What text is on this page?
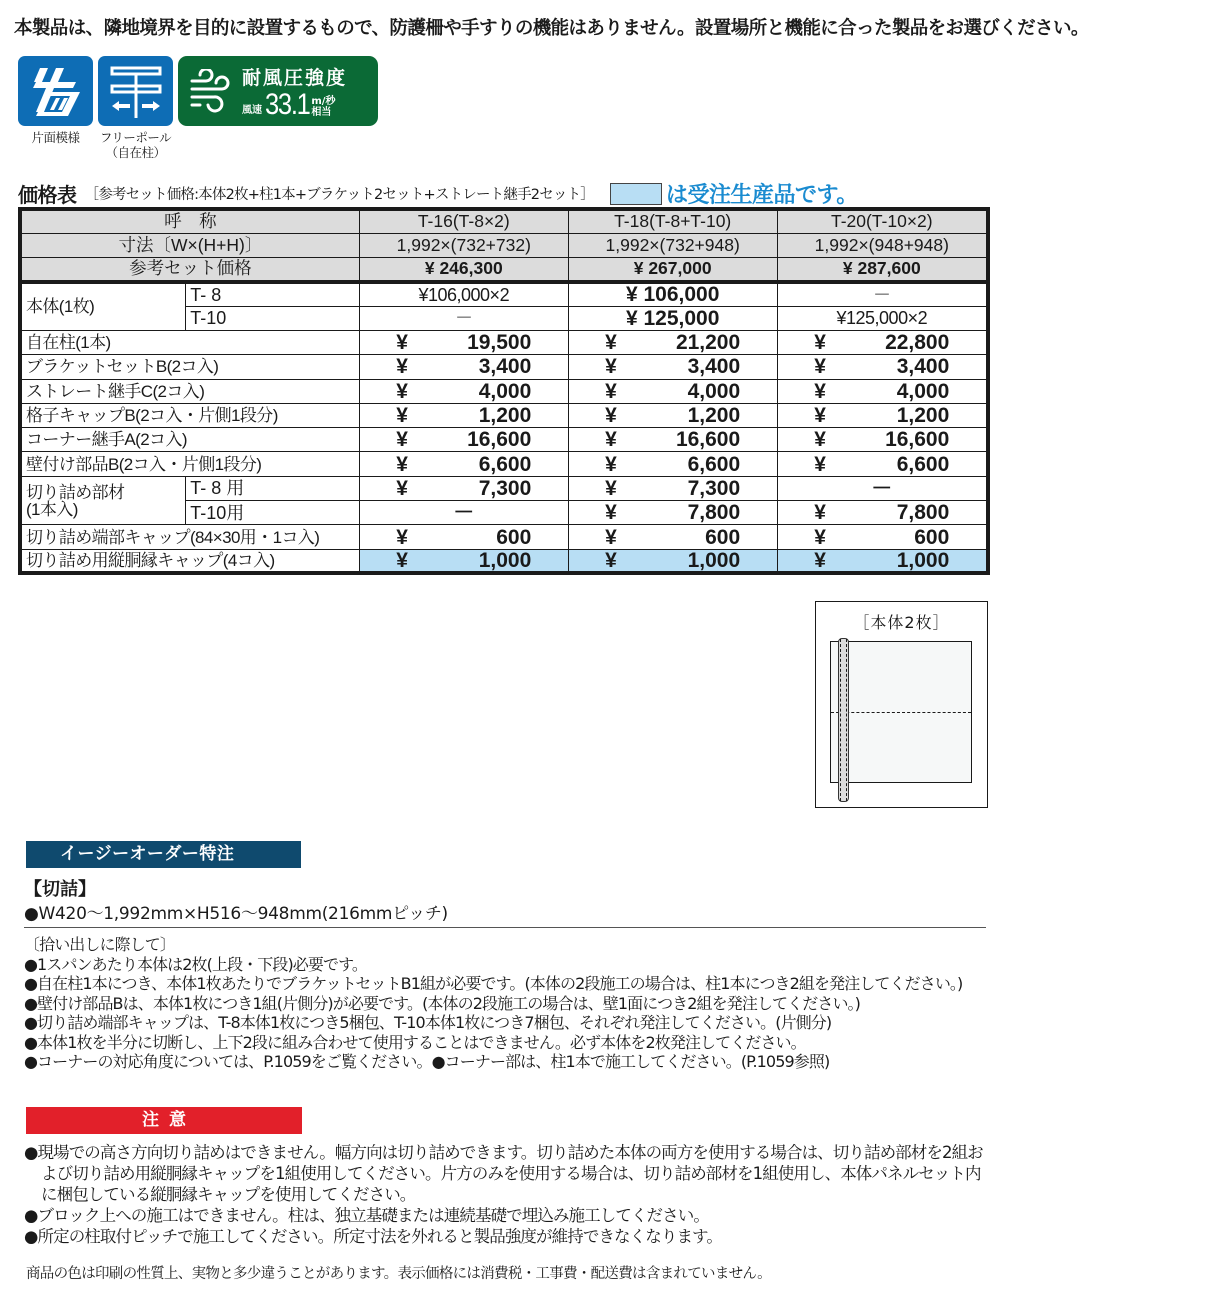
本製品は、隣地境界を目的に設置するもので、防護柵や手すりの機能はありません。設置場所と機能に合った製品をお選びください。
片面模様 フリーポール
（自在柱）
耐風圧強度
風速 33.1 m/秒
相当
価格表 ［参考セット価格:本体2枚+柱1本+ブラケット2セット+ストレート継手2セット］	は受注生産品です。
呼　称		T-16(T-8×2)	T-18(T-8+T-10)	T-20(T-10×2)
寸法〔W×(H+H)〕		1,992×(732+732)	1,992×(732+948)	1,992×(948+948)
参考セット価格		¥ 246,300	¥ 267,000	¥ 287,600
本体(1枚)	T- 8	¥106,000×2	¥ 106,000	－
	T-10	－	¥ 125,000	¥125,000×2
自在柱(1本)		¥ 19,500	¥ 21,200	¥ 22,800
ブラケットセットB(2コ入)		¥ 3,400	¥ 3,400	¥ 3,400
ストレート継手C(2コ入)		¥ 4,000	¥ 4,000	¥ 4,000
格子キャップB(2コ入・片側1段分)		¥ 1,200	¥ 1,200	¥ 1,200
コーナー継手A(2コ入)		¥ 16,600	¥ 16,600	¥ 16,600
壁付け部品B(2コ入・片側1段分)		¥ 6,600	¥ 6,600	¥ 6,600

切り詰め部材
(1本入)	T- 8 用	¥ 7,300	¥ 7,300	－
	T-10用	－	¥ 7,800	¥ 7,800
切り詰め端部キャップ(84×30用・1コ入)		¥ 600	¥ 600	¥ 600
切り詰め用縦胴縁キャップ(4コ入)		¥ 1,000	¥ 1,000	¥ 1,000
［本体2枚］
イージーオーダー特注
【切詰】
●W420～1,992mm×H516～948mm(216mmピッチ)
〔拾い出しに際して〕
●1スパンあたり本体は2枚(上段・下段)必要です。
●自在柱1本につき、本体1枚あたりでブラケットセットB1組が必要です。(本体の2段施工の場合は、柱1本につき2組を発注してください。)
●壁付け部品Bは、本体1枚につき1組(片側分)が必要です。(本体の2段施工の場合は、壁1面につき2組を発注してください。)
●切り詰め端部キャップは、T-8本体1枚につき5梱包、T-10本体1枚につき7梱包、それぞれ発注してください。(片側分)
●本体1枚を半分に切断し、上下2段に組み合わせて使用することはできません。必ず本体を2枚発注してください。
●コーナーの対応角度については、P.1059をご覧ください。●コーナー部は、柱1本で施工してください。(P.1059参照)
注意
●現場での高さ方向切り詰めはできません。幅方向は切り詰めできます。切り詰めた本体の両方を使用する場合は、切り詰め部材を2組および切り詰め用縦胴縁キャップを1組使用してください。片方のみを使用する場合は、切り詰め部材を1組使用し、本体パネルセット内に梱包している縦胴縁キャップを使用してください。
●ブロック上への施工はできません。柱は、独立基礎または連続基礎で埋込み施工してください。
●所定の柱取付ピッチで施工してください。所定寸法を外れると製品強度が維持できなくなります。
商品の色は印刷の性質上、実物と多少違うことがあります。表示価格には消費税・工事費・配送費は含まれていません。
